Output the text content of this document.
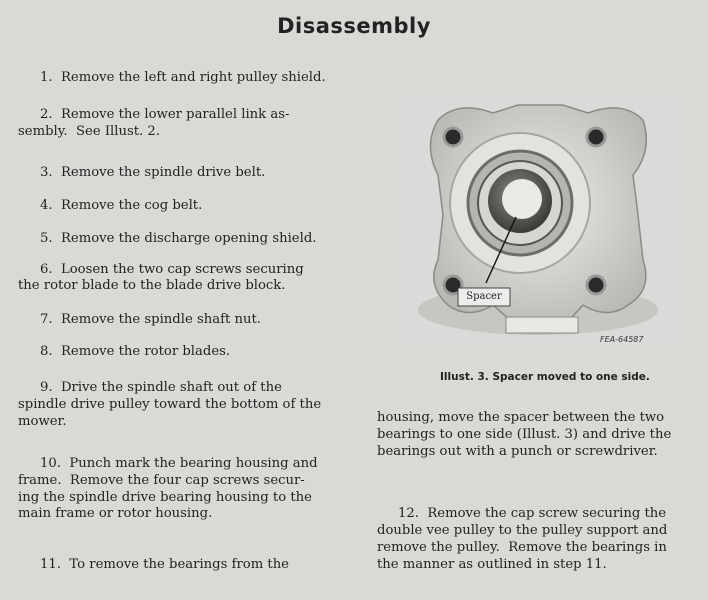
Disassembly
1.  Remove the left and right pulley shield.
2.  Remove the lower parallel link as-
sembly.  See Illust. 2.
3.  Remove the spindle drive belt.
4.  Remove the cog belt.
5.  Remove the discharge opening shield.
6.  Loosen the two cap screws securing
the rotor blade to the blade drive block.
7.  Remove the spindle shaft nut.
8.  Remove the rotor blades.
9.  Drive the spindle shaft out of the
spindle drive pulley toward the bottom of the
mower.
10.  Punch mark the bearing housing and
frame.  Remove the four cap screws secur-
ing the spindle drive bearing housing to the
main frame or rotor housing.
11.  To remove the bearings from the
Spacer
FEA-64587
Illust. 3. Spacer moved to one side.
housing, move the spacer between the two
bearings to one side (Illust. 3) and drive the
bearings out with a punch or screwdriver.
12.  Remove the cap screw securing the
double vee pulley to the pulley support and
remove the pulley.  Remove the bearings in
the manner as outlined in step 11.
